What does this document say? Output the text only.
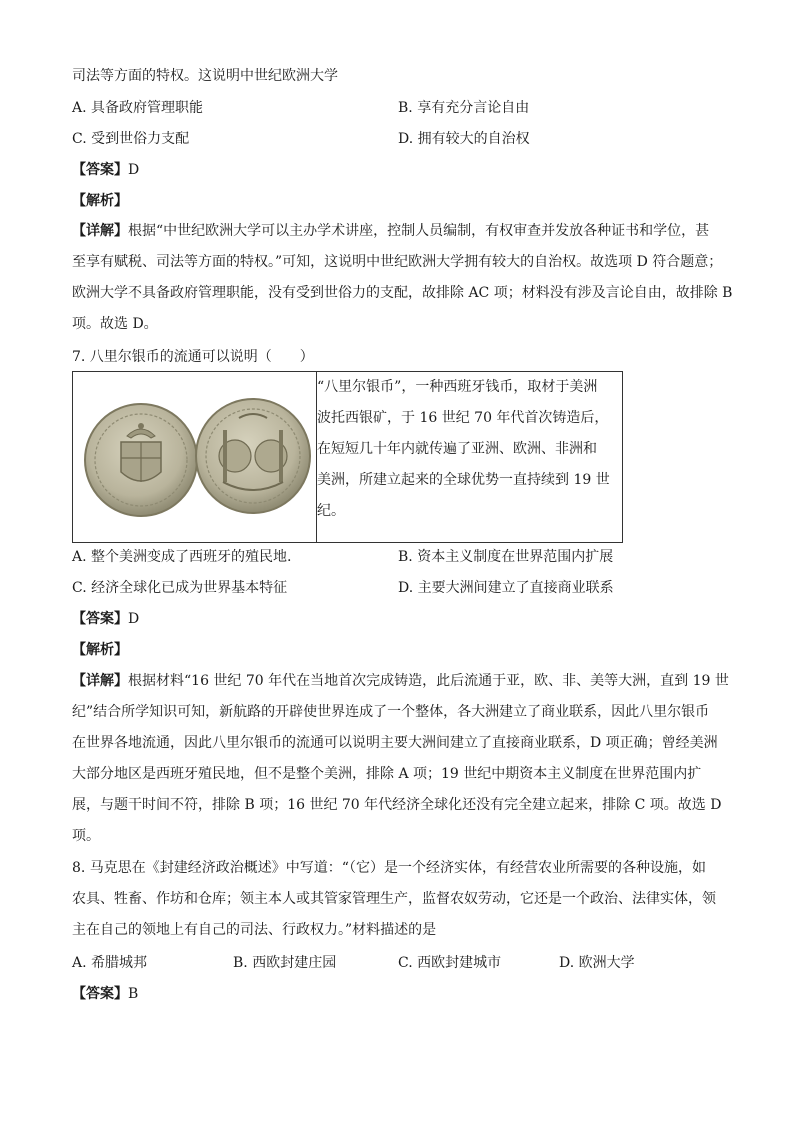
司法等方面的特权。这说明中世纪欧洲大学
A. 具备政府管理职能	B. 享有充分言论自由
C. 受到世俗力支配	D. 拥有较大的自治权
【答案】D
【解析】
【详解】根据“中世纪欧洲大学可以主办学术讲座，控制人员编制，有权审查并发放各种证书和学位，甚
至享有赋税、司法等方面的特权。”可知，这说明中世纪欧洲大学拥有较大的自治权。故选项 D 符合题意；
欧洲大学不具备政府管理职能，没有受到世俗力的支配，故排除 AC 项；材料没有涉及言论自由，故排除 B
项。故选 D。
7. 八里尔银币的流通可以说明（　　）

“八里尔银币”，一种西班牙钱币，取材于美洲
波托西银矿，于 16 世纪 70 年代首次铸造后，
在短短几十年内就传遍了亚洲、欧洲、非洲和
美洲，所建立起来的全球优势一直持续到 19 世
纪。
A. 整个美洲变成了西班牙的殖民地.	B. 资本主义制度在世界范围内扩展
C. 经济全球化已成为世界基本特征	D. 主要大洲间建立了直接商业联系
【答案】D
【解析】
【详解】根据材料“16 世纪 70 年代在当地首次完成铸造，此后流通于亚，欧、非、美等大洲，直到 19 世
纪”结合所学知识可知，新航路的开辟使世界连成了一个整体，各大洲建立了商业联系，因此八里尔银币
在世界各地流通，因此八里尔银币的流通可以说明主要大洲间建立了直接商业联系，D 项正确；曾经美洲
大部分地区是西班牙殖民地，但不是整个美洲，排除 A 项；19 世纪中期资本主义制度在世界范围内扩
展，与题干时间不符，排除 B 项；16 世纪 70 年代经济全球化还没有完全建立起来，排除 C 项。故选 D
项。
8. 马克思在《封建经济政治概述》中写道：“（它）是一个经济实体，有经营农业所需要的各种设施，如
农具、牲畜、作坊和仓库；领主本人或其管家管理生产，监督农奴劳动，它还是一个政治、法律实体，领
主在自己的领地上有自己的司法、行政权力。”材料描述的是
A. 希腊城邦	B. 西欧封建庄园	C. 西欧封建城市	D. 欧洲大学
【答案】B
